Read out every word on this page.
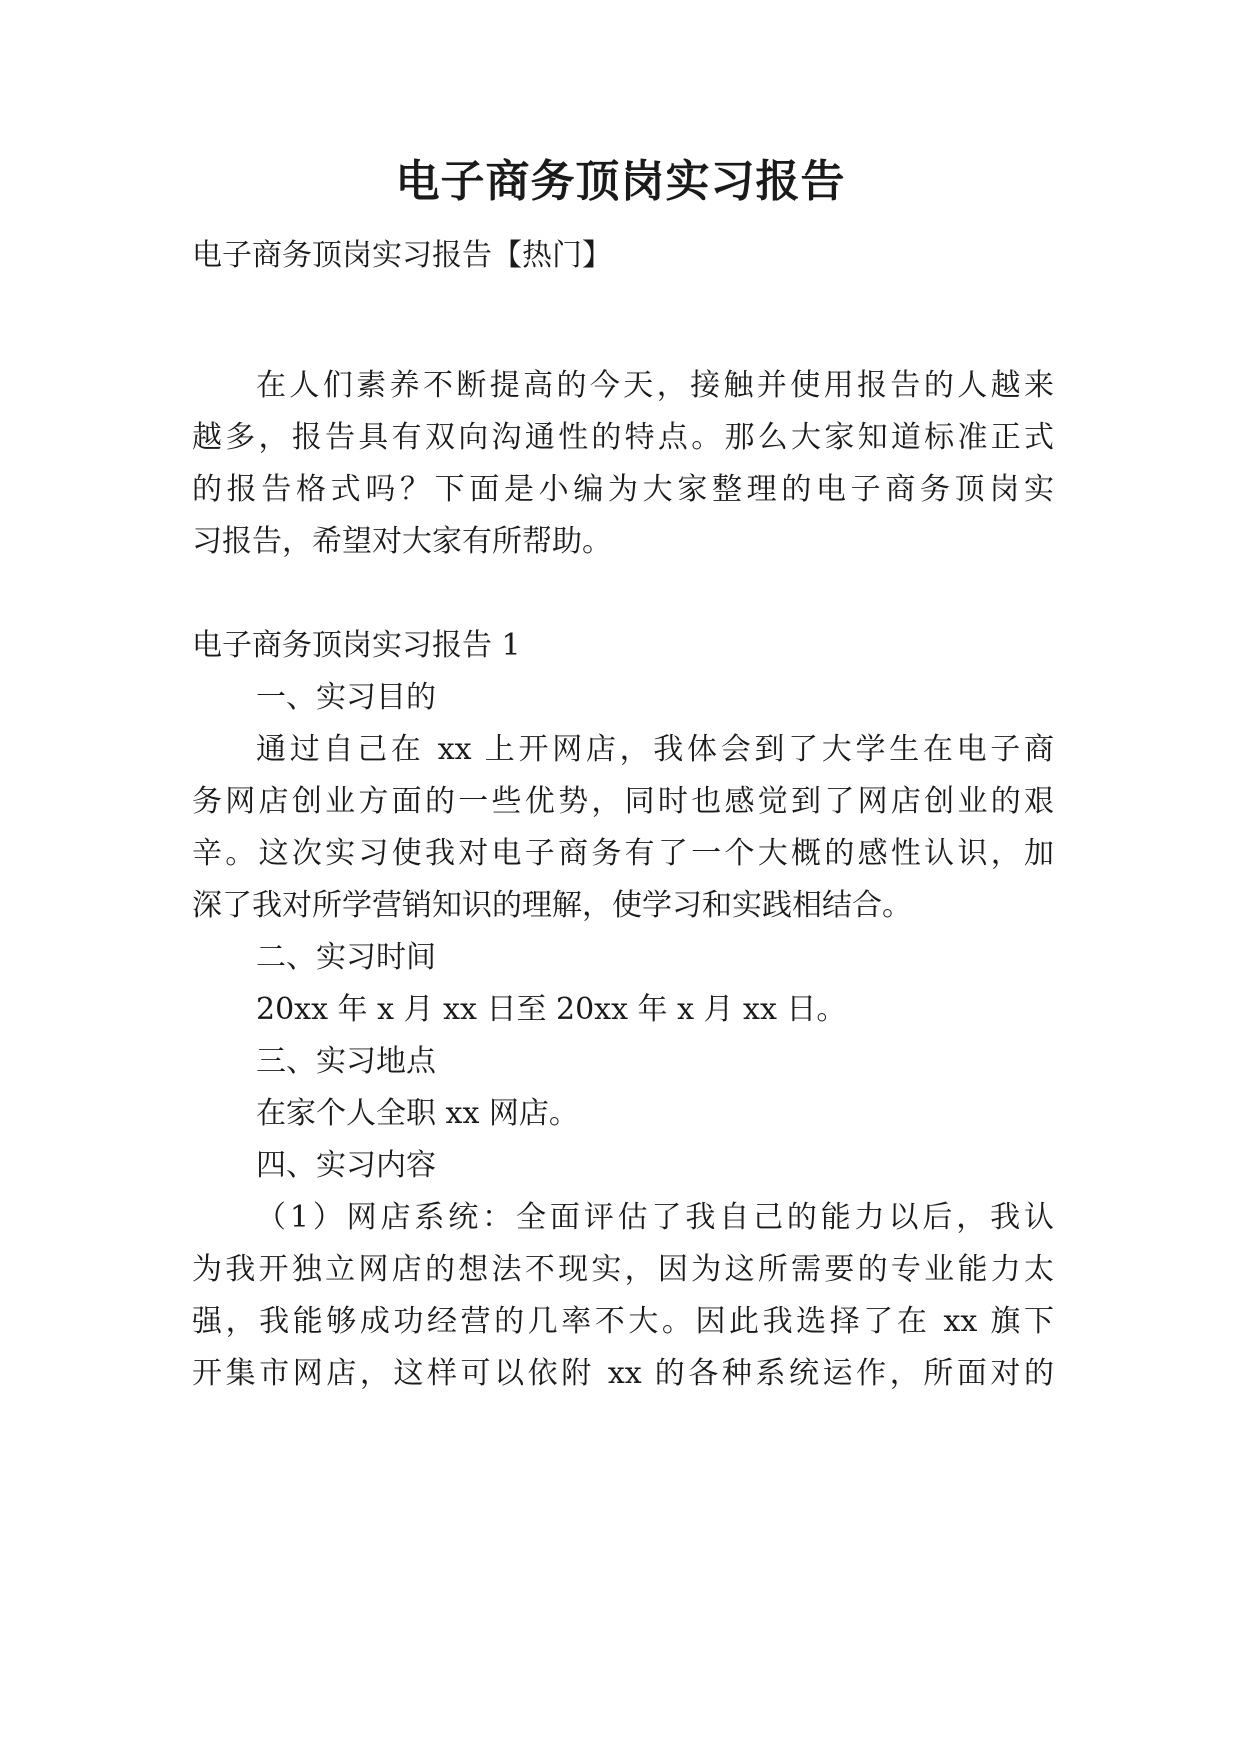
电子商务顶岗实习报告
电子商务顶岗实习报告【热门】
在人们素养不断提高的今天，接触并使用报告的人越来
越多，报告具有双向沟通性的特点。那么大家知道标准正式
的报告格式吗？下面是小编为大家整理的电子商务顶岗实
习报告，希望对大家有所帮助。
电子商务顶岗实习报告 1
一、实习目的
通过自己在 xx 上开网店，我体会到了大学生在电子商
务网店创业方面的一些优势，同时也感觉到了网店创业的艰
辛。这次实习使我对电子商务有了一个大概的感性认识，加
深了我对所学营销知识的理解，使学习和实践相结合。
二、实习时间
20xx 年 x 月 xx 日至 20xx 年 x 月 xx 日。
三、实习地点
在家个人全职 xx 网店。
四、实习内容
（1）网店系统：全面评估了我自己的能力以后，我认
为我开独立网店的想法不现实，因为这所需要的专业能力太
强，我能够成功经营的几率不大。因此我选择了在 xx 旗下
开集市网店，这样可以依附 xx 的各种系统运作，所面对的
